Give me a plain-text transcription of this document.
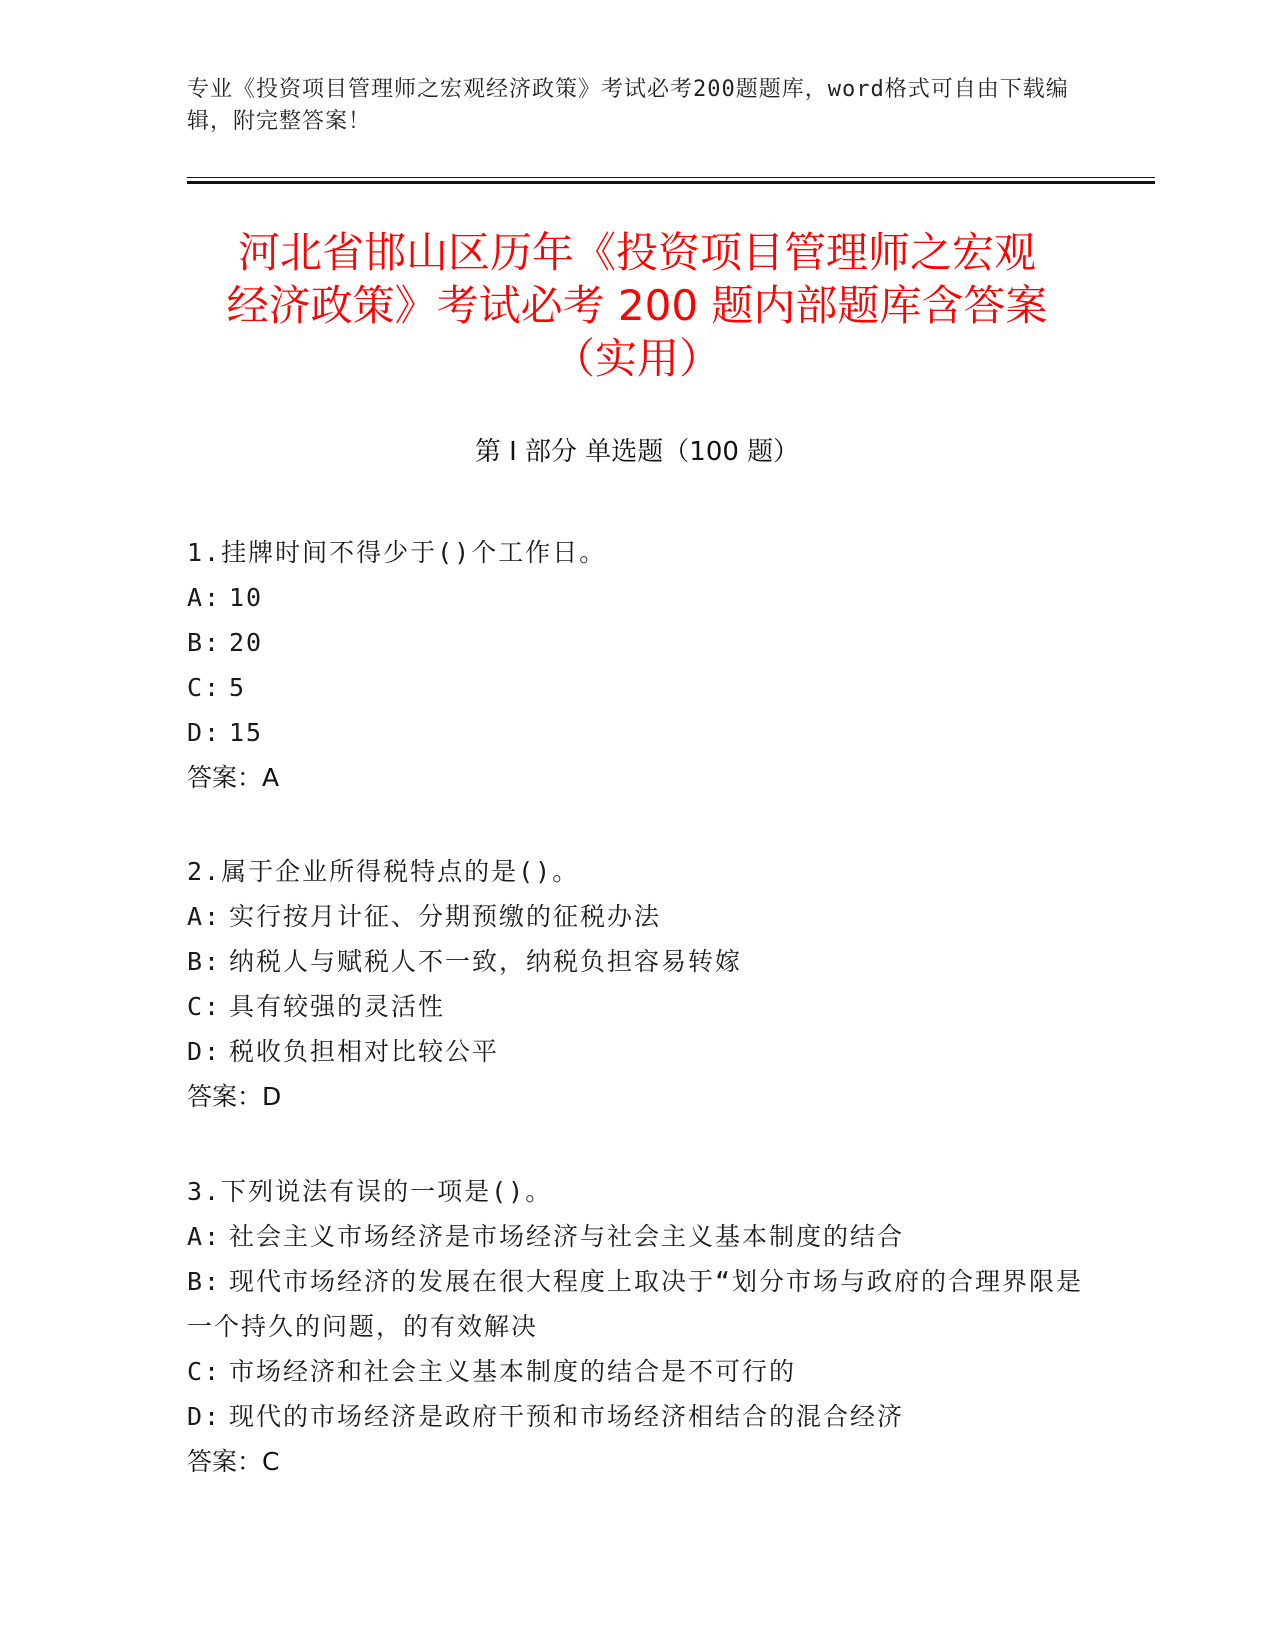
专业《投资项目管理师之宏观经济政策》考试必考200题题库，word格式可自由下载编辑，附完整答案！
河北省邯山区历年《投资项目管理师之宏观
经济政策》考试必考 200 题内部题库含答案
（实用）
第 I 部分 单选题（100 题）
1.挂牌时间不得少于()个工作日。
A: 10
B: 20
C: 5
D: 15
答案：A
2.属于企业所得税特点的是()。
A: 实行按月计征、分期预缴的征税办法
B: 纳税人与赋税人不一致，纳税负担容易转嫁
C: 具有较强的灵活性
D: 税收负担相对比较公平
答案：D
3.下列说法有误的一项是()。
A: 社会主义市场经济是市场经济与社会主义基本制度的结合
B: 现代市场经济的发展在很大程度上取决于“划分市场与政府的合理界限是一个持久的问题，的有效解决
C: 市场经济和社会主义基本制度的结合是不可行的
D: 现代的市场经济是政府干预和市场经济相结合的混合经济
答案：C
